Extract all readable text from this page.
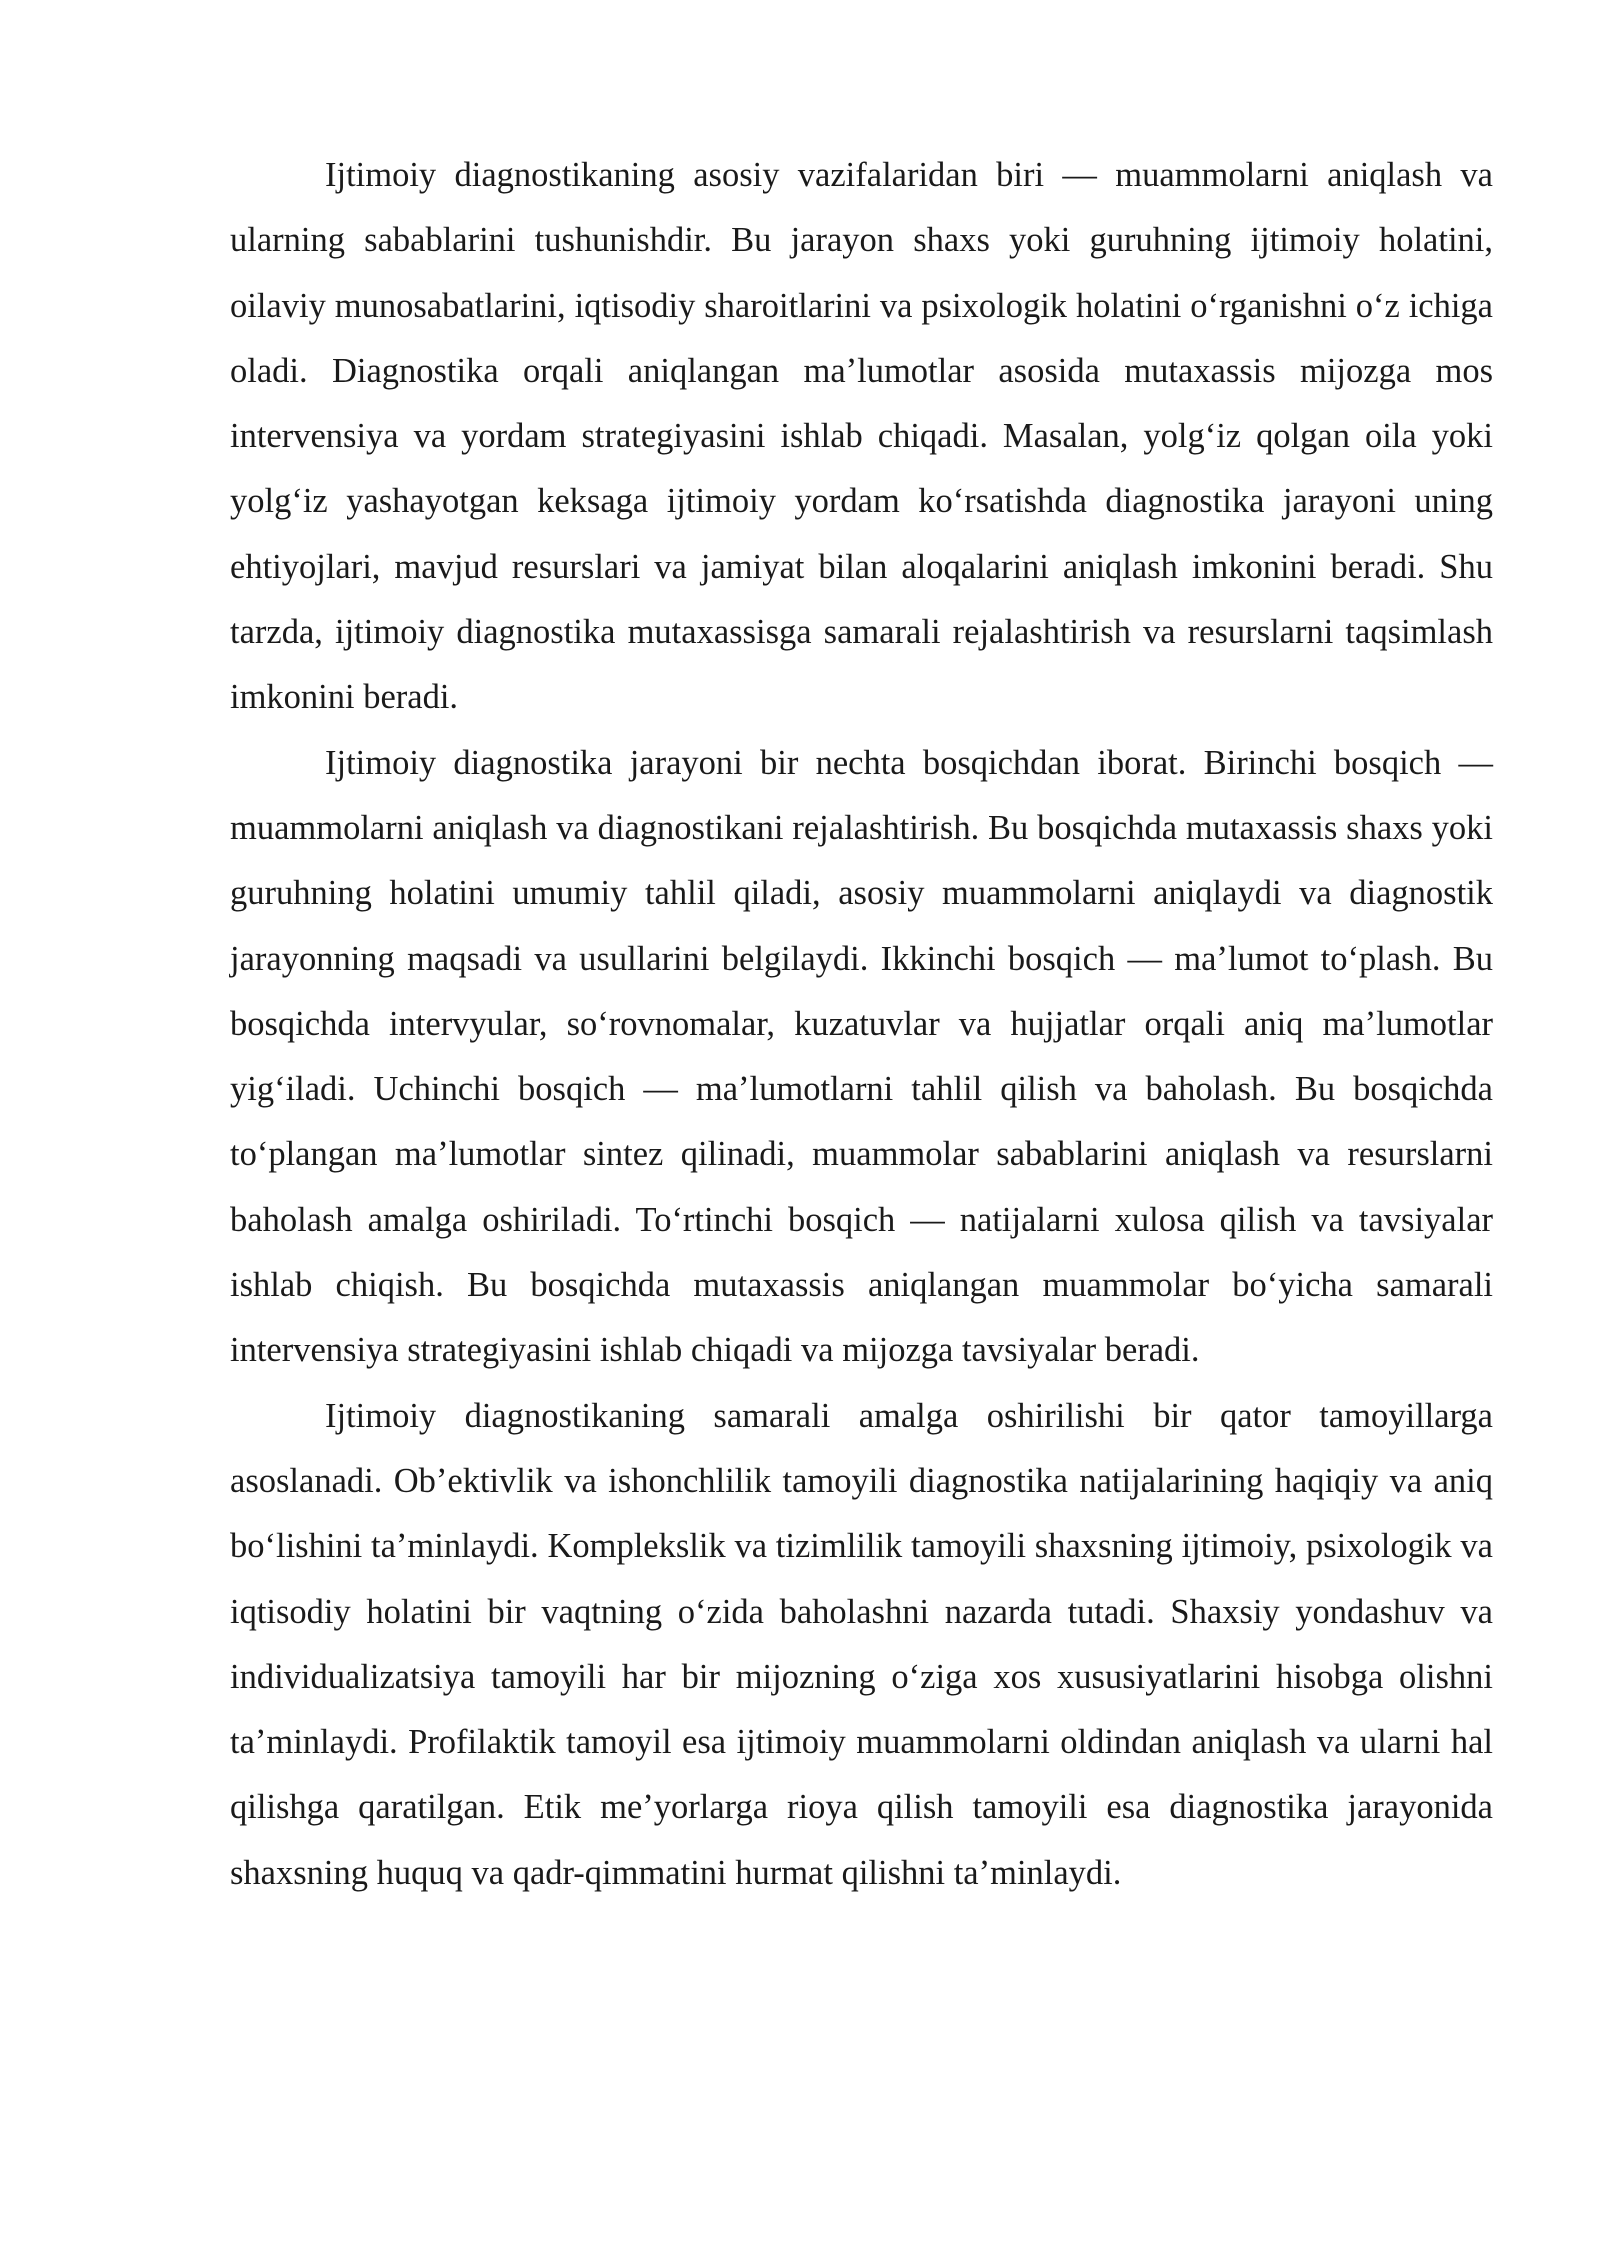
Ijtimoiy diagnostikaning asosiy vazifalaridan biri — muammolarni aniqlash va ularning sabablarini tushunishdir. Bu jarayon shaxs yoki guruhning ijtimoiy holatini, oilaviy munosabatlarini, iqtisodiy sharoitlarini va psixologik holatini oʻrganishni oʻz ichiga oladi. Diagnostika orqali aniqlangan maʼlumotlar asosida mutaxassis mijozga mos intervensiya va yordam strategiyasini ishlab chiqadi. Masalan, yolgʻiz qolgan oila yoki yolgʻiz yashayotgan keksaga ijtimoiy yordam koʻrsatishda diagnostika jarayoni uning ehtiyojlari, mavjud resurslari va jamiyat bilan aloqalarini aniqlash imkonini beradi. Shu tarzda, ijtimoiy diagnostika mutaxassisga samarali rejalashtirish va resurslarni taqsimlash imkonini beradi.

Ijtimoiy diagnostika jarayoni bir nechta bosqichdan iborat. Birinchi bosqich — muammolarni aniqlash va diagnostikani rejalashtirish. Bu bosqichda mutaxassis shaxs yoki guruhning holatini umumiy tahlil qiladi, asosiy muammolarni aniqlaydi va diagnostik jarayonning maqsadi va usullarini belgilaydi. Ikkinchi bosqich — maʼlumot toʻplash. Bu bosqichda intervyular, soʻrovnomalar, kuzatuvlar va hujjatlar orqali aniq maʼlumotlar yigʻiladi. Uchinchi bosqich — maʼlumotlarni tahlil qilish va baholash. Bu bosqichda toʻplangan maʼlumotlar sintez qilinadi, muammolar sabablarini aniqlash va resurslarni baholash amalga oshiriladi. Toʻrtinchi bosqich — natijalarni xulosa qilish va tavsiyalar ishlab chiqish. Bu bosqichda mutaxassis aniqlangan muammolar boʻyicha samarali intervensiya strategiyasini ishlab chiqadi va mijozga tavsiyalar beradi.

Ijtimoiy diagnostikaning samarali amalga oshirilishi bir qator tamoyillarga asoslanadi. Obʼektivlik va ishonchlilik tamoyili diagnostika natijalarining haqiqiy va aniq boʻlishini taʼminlaydi. Komplekslik va tizimlilik tamoyili shaxsning ijtimoiy, psixologik va iqtisodiy holatini bir vaqtning oʻzida baholashni nazarda tutadi. Shaxsiy yondashuv va individualizatsiya tamoyili har bir mijozning oʻziga xos xususiyatlarini hisobga olishni taʼminlaydi. Profilaktik tamoyil esa ijtimoiy muammolarni oldindan aniqlash va ularni hal qilishga qaratilgan. Etik meʼyorlarga rioya qilish tamoyili esa diagnostika jarayonida shaxsning huquq va qadr-qimmatini hurmat qilishni taʼminlaydi.
